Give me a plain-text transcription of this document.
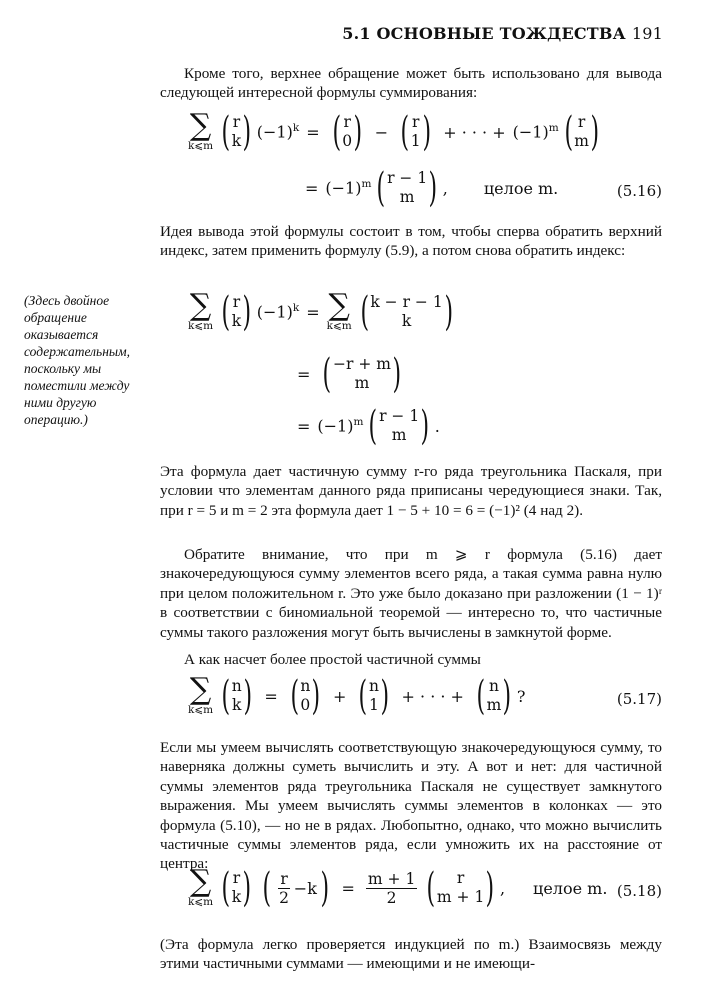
5.1 ОСНОВНЫЕ ТОЖДЕСТВА 191
Кроме того, верхнее обращение может быть использовано для вывода следующей интересной формулы суммирования:
∑
k⩽m ( r
k ) $(-1)^k$ = ( r
0 ) − ( r
1 ) + · · · + $(-1)^m$ ( r
m )
= $(-1)^m$ ( r − 1
m ) , целое m.	(5.16)
Идея вывода этой формулы состоит в том, чтобы сперва обратить верхний индекс, затем применить формулу (5.9), а потом снова обратить индекс:
(Здесь двойное обращение оказывается содержательным, поскольку мы поместили между ними другую операцию.)
∑
k⩽m ( r
k ) $(-1)^k$ = ∑
k⩽m ( k − r − 1
k )
= ( −r + m
m )
= $(-1)^m$ ( r − 1
m ) .
Эта формула дает частичную сумму r-го ряда треугольника Паскаля, при условии что элементам данного ряда приписаны чередующиеся знаки. Так, при r = 5 и m = 2 эта формула дает 1 − 5 + 10 = 6 = (−1)² (4 над 2).
Обратите внимание, что при m ⩾ r формула (5.16) дает знакочередующуюся сумму элементов всего ряда, а такая сумма равна нулю при целом положительном r. Это уже было доказано при разложении (1 − 1)ʳ в соответствии с биномиальной теоремой — интересно то, что частичные суммы такого разложения могут быть вычислены в замкнутой форме.
А как насчет более простой частичной суммы
∑
k⩽m ( n
k ) = ( n
0 ) + ( n
1 ) + · · · + ( n
m ) ?	(5.17)
Если мы умеем вычислять соответствующую знакочередующуюся сумму, то наверняка должны суметь вычислить и эту. А вот и нет: для частичной суммы элементов ряда треугольника Паскаля не существует замкнутого выражения. Мы умеем вычислять суммы элементов в колонках — это формула (5.10), — но не в рядах. Любопытно, однако, что можно вычислить частичные суммы элементов ряда, если умножить их на расстояние от центра:
∑
k⩽m ( r
k ) ( $\frac{r}{2} - k$ ) = $\frac{m + 1}{2}$ ( r
m + 1 ) , целое m. (5.18)
(Эта формула легко проверяется индукцией по m.) Взаимосвязь между этими частичными суммами — имеющими и не имеющи-
